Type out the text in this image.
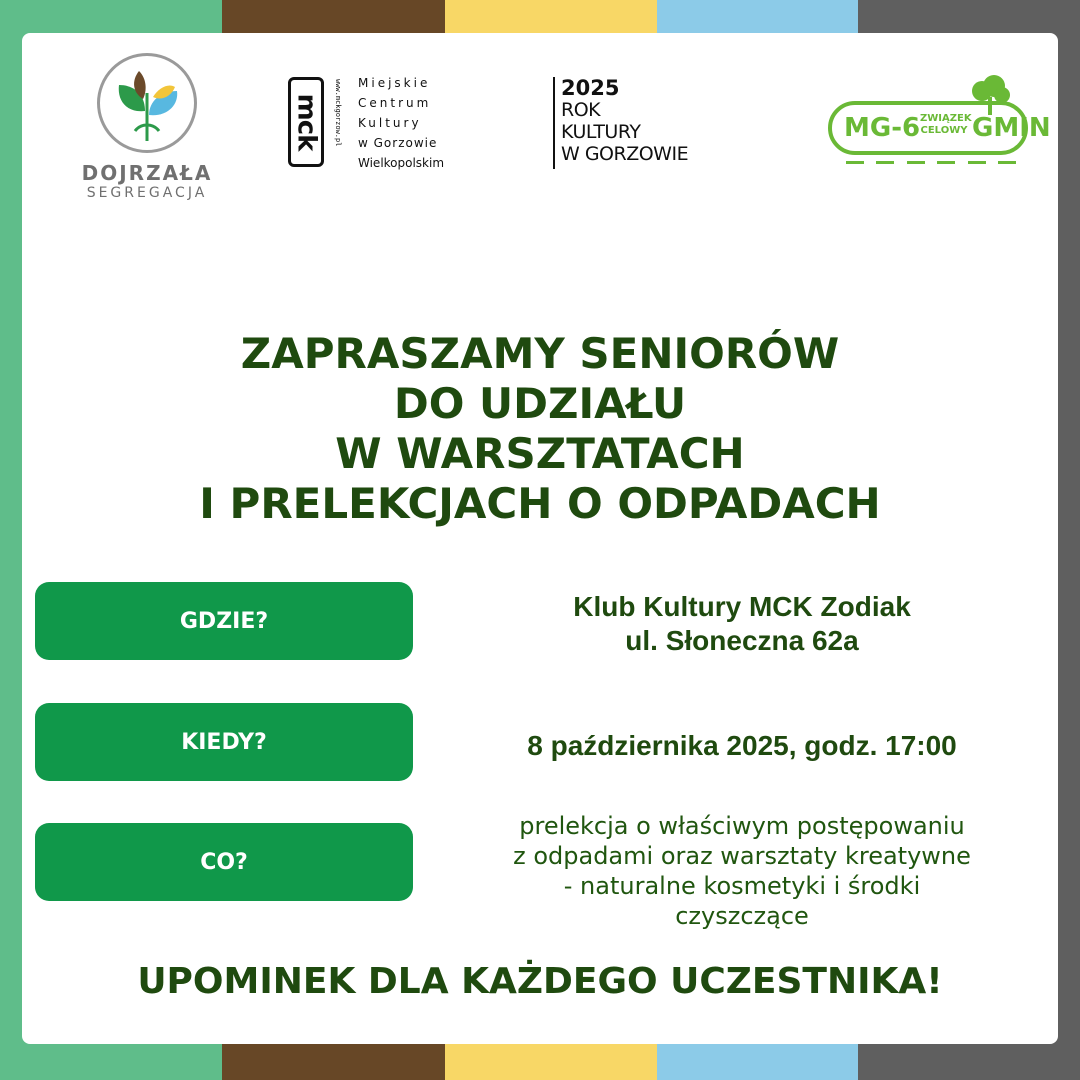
DOJRZAŁA
SEGREGACJA
mck www.mckgorzow.pl Miejskie
Centrum
Kultury
w Gorzowie
Wielkopolskim
2025
ROK
KULTURY
W GORZOWIE
MG-6 ZWIĄZEK
CELOWY GMIN
ZAPRASZAMY SENIORÓW
DO UDZIAŁU
W WARSZTATACH
I PRELEKCJACH O ODPADACH
GDZIE?	Klub Kultury MCK Zodiak
ul. Słoneczna 62a
KIEDY?	8 października 2025, godz. 17:00
CO?
prelekcja o właściwym postępowaniu
z odpadami oraz warsztaty kreatywne
- naturalne kosmetyki i środki
czyszczące
UPOMINEK DLA KAŻDEGO UCZESTNIKA!
